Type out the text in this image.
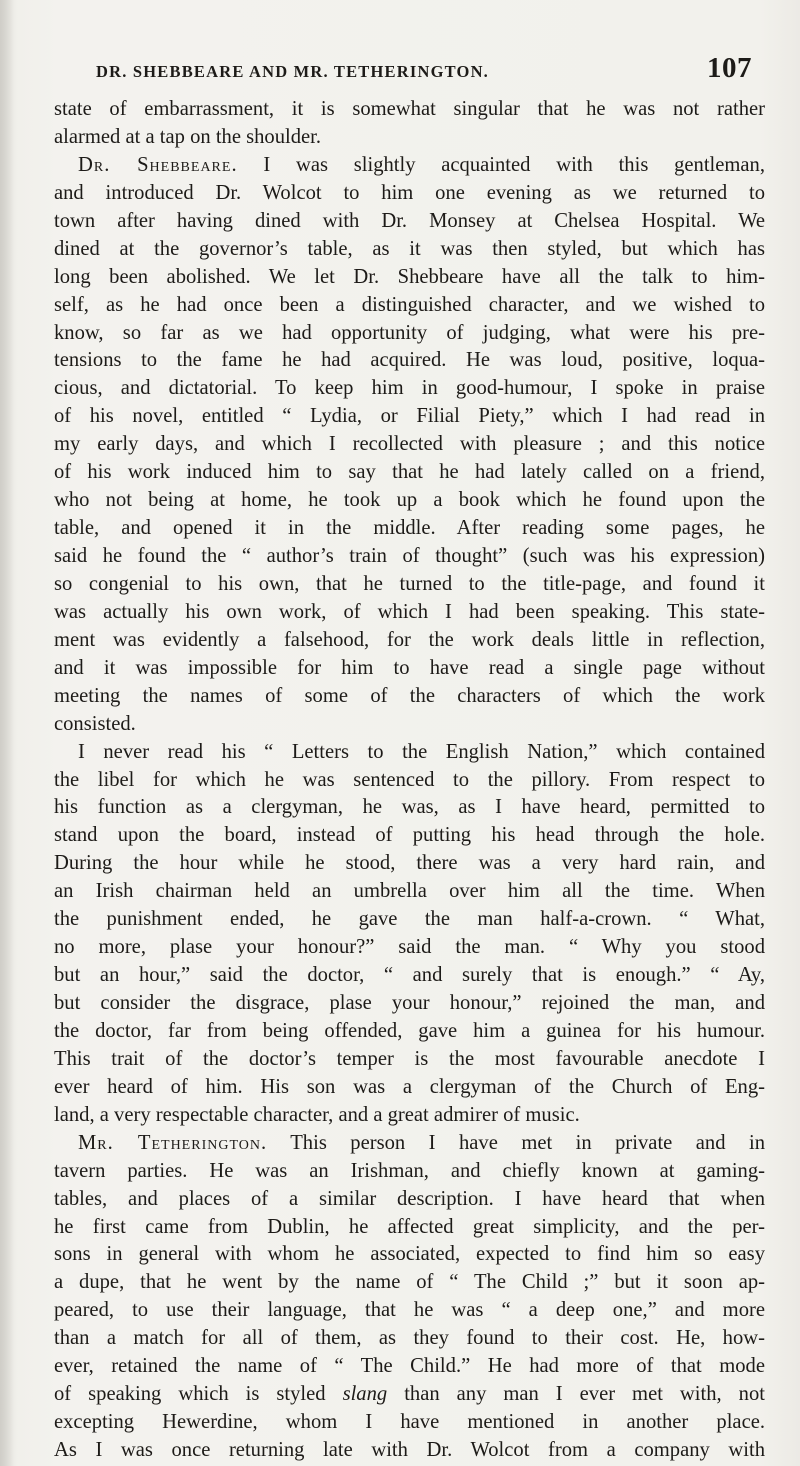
DR. SHEBBEARE AND MR. TETHERINGTON.	107
state of embarrassment, it is somewhat singular that he was not rather
alarmed at a tap on the shoulder.
Dr. Shebbeare. I was slightly acquainted with this gentleman,
and introduced Dr. Wolcot to him one evening as we returned to
town after having dined with Dr. Monsey at Chelsea Hospital. We
dined at the governor’s table, as it was then styled, but which has
long been abolished. We let Dr. Shebbeare have all the talk to him-
self, as he had once been a distinguished character, and we wished to
know, so far as we had opportunity of judging, what were his pre-
tensions to the fame he had acquired. He was loud, positive, loqua-
cious, and dictatorial. To keep him in good-humour, I spoke in praise
of his novel, entitled “ Lydia, or Filial Piety,” which I had read in
my early days, and which I recollected with pleasure ; and this notice
of his work induced him to say that he had lately called on a friend,
who not being at home, he took up a book which he found upon the
table, and opened it in the middle. After reading some pages, he
said he found the “ author’s train of thought” (such was his expression)
so congenial to his own, that he turned to the title-page, and found it
was actually his own work, of which I had been speaking. This state-
ment was evidently a falsehood, for the work deals little in reflection,
and it was impossible for him to have read a single page without
meeting the names of some of the characters of which the work
consisted.
I never read his “ Letters to the English Nation,” which contained
the libel for which he was sentenced to the pillory. From respect to
his function as a clergyman, he was, as I have heard, permitted to
stand upon the board, instead of putting his head through the hole.
During the hour while he stood, there was a very hard rain, and
an Irish chairman held an umbrella over him all the time. When
the punishment ended, he gave the man half-a-crown. “ What,
no more, plase your honour?” said the man. “ Why you stood
but an hour,” said the doctor, “ and surely that is enough.” “ Ay,
but consider the disgrace, plase your honour,” rejoined the man, and
the doctor, far from being offended, gave him a guinea for his humour.
This trait of the doctor’s temper is the most favourable anecdote I
ever heard of him. His son was a clergyman of the Church of Eng-
land, a very respectable character, and a great admirer of music.
Mr. Tetherington. This person I have met in private and in
tavern parties. He was an Irishman, and chiefly known at gaming-
tables, and places of a similar description. I have heard that when
he first came from Dublin, he affected great simplicity, and the per-
sons in general with whom he associated, expected to find him so easy
a dupe, that he went by the name of “ The Child ;” but it soon ap-
peared, to use their language, that he was “ a deep one,” and more
than a match for all of them, as they found to their cost. He, how-
ever, retained the name of “ The Child.” He had more of that mode
of speaking which is styled slang than any man I ever met with, not
excepting Hewerdine, whom I have mentioned in another place.
As I was once returning late with Dr. Wolcot from a company with
